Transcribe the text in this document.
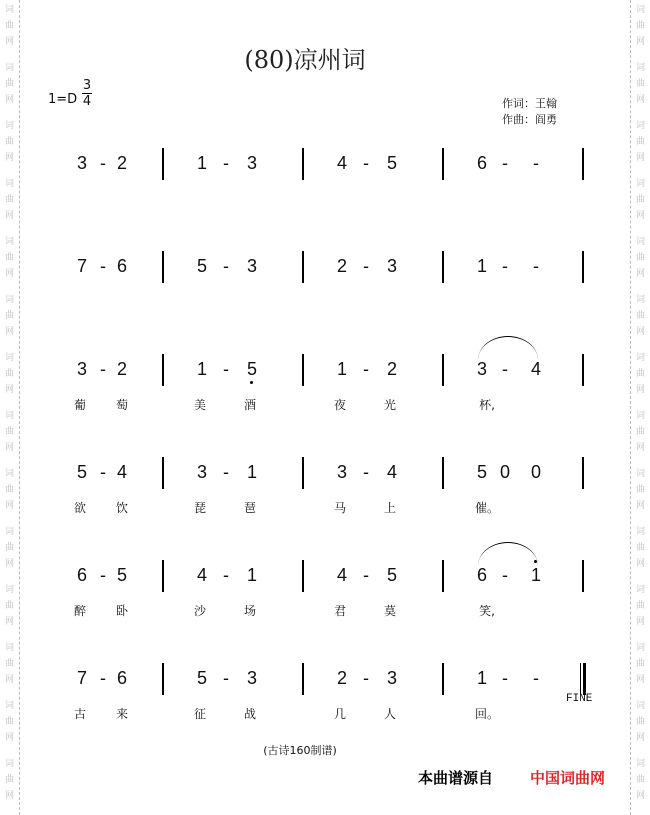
词
曲
网
词
曲
网
词
曲
网
词
曲
网
词
曲
网
词
曲
网
词
曲
网
词
曲
网
词
曲
网
词
曲
网
词
曲
网
词
曲
网
词
曲
网
词
曲
网
词
曲
网
词
曲
网
词
曲
网
词
曲
网
词
曲
网
词
曲
网
词
曲
网
词
曲
网
词
曲
网
词
曲
网
词
曲
网
词
曲
网
词
曲
网
词
曲
网
(80)凉州词
1=D
3
4	作词：王翰
作曲：阎勇
3 - 2	1 - 3	4 - 5	6 - -
7 - 6	5 - 3	2 - 3	1 - -
3 - 2	1 - 5	1 - 2	3 -	4
葡	萄	美	酒	夜	光	杯,
5 - 4	3 - 1	3 - 4	5 0	0
欲	饮	琵	琶	马	上	催。
6 - 5	4 - 1	4 - 5	6 -	1
醉	卧	沙	场	君	莫	笑,
7 - 6	5 - 3	2 - 3	1 - -
FINE
古	来	征	战	几	人	回。
(古诗160制谱)
本曲谱源自 中国词曲网
